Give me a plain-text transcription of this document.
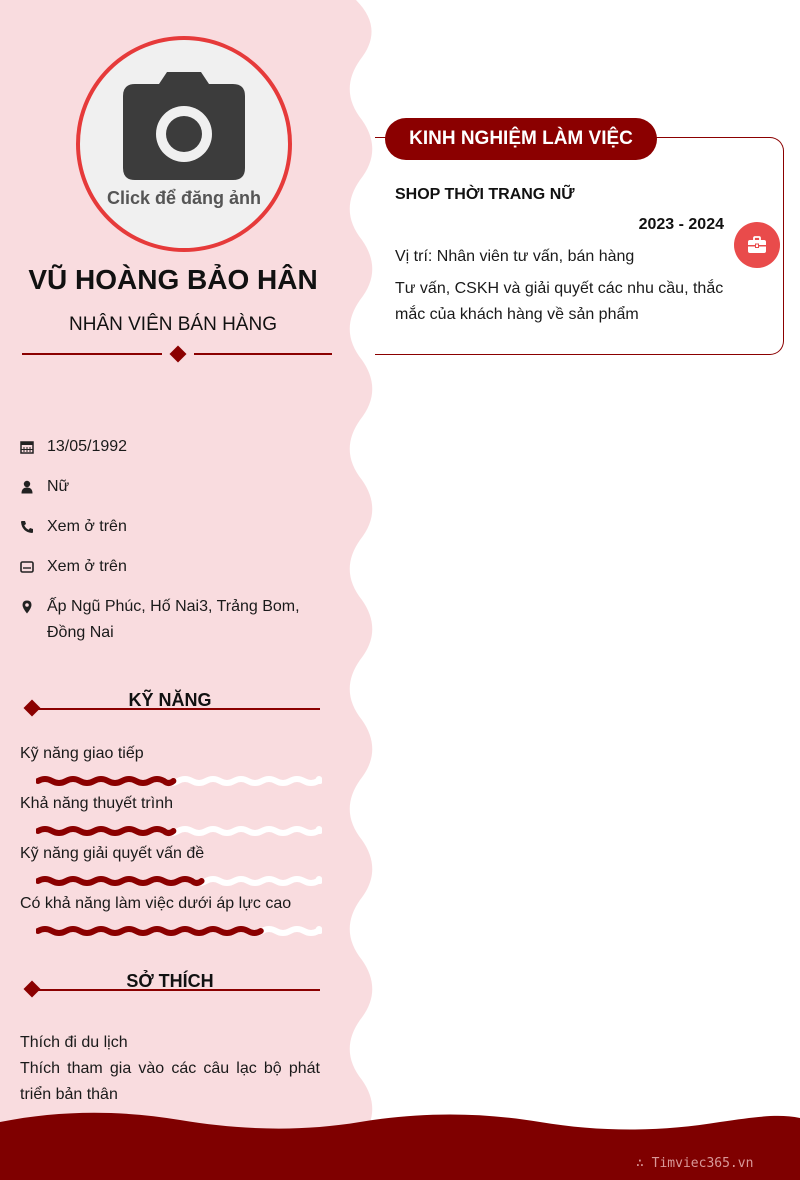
Click để đăng ảnh
VŨ HOÀNG BẢO HÂN
NHÂN VIÊN BÁN HÀNG
13/05/1992
Nữ
Xem ở trên
Xem ở trên
Ấp Ngũ Phúc, Hố Nai3, Trảng Bom, Đồng Nai
KỸ NĂNG
Kỹ năng giao tiếp
Khả năng thuyết trình
Kỹ năng giải quyết vấn đề
Có khả năng làm việc dưới áp lực cao
SỞ THÍCH
Thích đi du lịch
Thích tham gia vào các câu lạc bộ phát triển bản thân
KINH NGHIỆM LÀM VIỆC
SHOP THỜI TRANG NỮ
2023 - 2024
Vị trí: Nhân viên tư vấn, bán hàng
Tư vấn, CSKH và giải quyết các nhu cầu, thắc mắc của khách hàng về sản phẩm
∴ Timviec365.vn
